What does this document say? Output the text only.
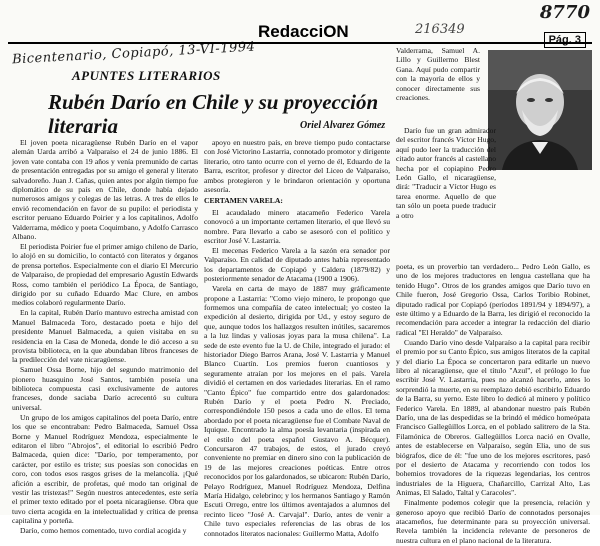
8770
216349
Bicentenario, Copiapó, 13-VI-1994
RedacciON	Pág. 3
APUNTES LITERARIOS
Rubén Darío en Chile y su proyección literaria	Oriel Alvarez Gómez

El joven poeta nicaragüense Rubén Darío en el vapor alemán Uarda arribó a Valparaíso el 24 de junio 1886. El joven vate contaba con 19 años y venía premunido de cartas de presentación entregadas por su amigo el general y literato salvadoreño. Juan J. Cañas, quien antes por algún tiempo fue diplomático de su país en Chile, donde había dejado numerosos amigos y colegas de las letras. A tres de ellos le envió recomendación en favor de su pupilo: el periodista y escritor peruano Eduardo Poirier y a los capitalinos, Adolfo Valderrama, médico y poeta Coquimbano, y Adolfo Carrasco Albano.

El periodista Poirier fue el primer amigo chileno de Darío, lo alojó en su domicilio, lo contactó con literatos y órganos de prensa porteños. Especialmente con el diario El Mercurio de Valparaíso, de propiedad del empresario Agustín Edwards Ross, como también el periódico La Época, de Santiago, dirigido por su cuñado Eduardo Mac Clure, en ambos medios colaboró regularmente Darío.

En la capital, Rubén Darío mantuvo estrecha amistad con Manuel Balmaceda Toro, destacado poeta e hijo del presidente Manuel Balmaceda, a quien visitaba en su residencia en la Casa de Moneda, donde le dió acceso a su provista biblioteca, en la que abundaban libros franceses de la predilección del vate nicaragüense.

Samuel Ossa Borne, hijo del segundo matrimonio del pionero huasquino José Santos, también poseía una biblioteca compuesta casi exclusivamente de autores franceses, donde saciaba Darío acrecentó su cultura universal.

Un grupo de los amigos capitalinos del poeta Darío, entre los que se encontraban: Pedro Balmaceda, Samuel Ossa Borne y Manuel Rodríguez Mendoza, especialmente le editaron el libro "Abrojos", el editorial lo escribió Pedro Balmaceda, quien dice: "Darío, por temperamento, por carácter, por estilo es triste; sus poesías son conocidas en coro, con todos esos rasgos grises de la melancolía. ¡Qué afición a escribir, de profetas, qué modo tan original de vestir las tristezas!" Según nuestros antecedentes, este sería el primer texto editado por el poeta nicaragüense. Obra que tuvo cierta acogida en la intelectualidad y crítica de prensa capitalina y porteña.

Darío, como hemos comentado, tuvo cordial acogida y

apoyo en nuestro país, en breve tiempo pudo contactarse con José Victorino Lastarria, connotado promotor y dirigente literario, otro tanto ocurre con el yerno de él, Eduardo de la Barra, escritor, profesor y director del Liceo de Valparaíso, ambos protegieron y le brindaron orientación y oportuna asesoría.

CERTAMEN VARELA:

El acaudalado minero atacameño Federico Varela conovocó a un importante certamen literario, el que llevó su nombre. Para llevarlo a cabo se asesoró con el político y escritor José V. Lastarria.

El mecenas Federico Varela a la sazón era senador por Valparaíso. En calidad de diputado antes había representado los departamentos de Copiapó y Caldera (1879/82) y posteriormente senador de Atacama (1900 a 1906).

Varela en carta de mayo de 1887 muy gráficamente propone a Lastarria: "Como viejo minero, le propongo que formemos una compañía de cateo intelectual; yo costeo la expedición al desierto, dirigida por Ud., y estoy seguro de que, aunque todos los hallazgos resulten inútiles, sacaremos a la luz lindas y valiosas joyas para la musa chilena". La sede de este evento fue la U. de Chile, integrado el jurado: el historiador Diego Barros Arana, José V. Lastarria y Manuel Blanco Cuartín. Los premios fueron cuantiosos y seguramente atraían por los mejores en el país. Varela dividió el certamen en dos variedades literarias. En el ramo "Canto Épico" fue compartido entre dos galardonados: Rubén Darío y el poeta Pedro N. Preciado, correspondiéndole 150 pesos a cada uno de ellos. El tema abordado por el poeta nicaragüense fue el Combate Naval de Iquique. Encontrado la alma poesía levantaria (inspirada en el estilo del poeta español Gustavo A. Bécquer). Concursaron 47 trabajos, de estos, el jurado creyó conveniente no premiar en dinero sino con la publicación de 19 de las mejores creaciones poéticas. Entre otros reconocidos por los galardonados, se ubicaron: Rubén Darío, Pelayo Rodríguez, Manuel Rodríguez Mendoza, Delfina María Hidalgo, celebrino; y los hermanos Santiago y Ramón Escuti Orrego, entre los últimos aventajados a alumnos del recinto liceo "José A. Carvajal". Darío, antes de venir a Chile tuvo especiales referencias de las obras de los connotados literatos nacionales: Guillermo Matta, Adolfo

Valderrama, Samuel A. Lillo y Guillermo Blest Gana. Aquí pudo compartir con la mayoría de ellos y conocer directamente sus creaciones.

Darío fue un gran admirador del escritor francés Víctor Hugo, aquí pudo leer la traducción del citado autor francés al castellano hecha por el copiapino Pedro León Gallo, el nicaragüense, dirá: "Traducir a Víctor Hugo es tarea enorme. Aquello de que tan sólo un poeta puede traducir a otro

poeta, es un proverbio tan verdadero... Pedro León Gallo, es uno de los mejores traductores en lengua castellana que ha tenido Hugo". Otros de los grandes amigos que Darío tuvo en Chile fueron, José Gregorio Ossa, Carlos Toribio Robinet, diputado radical por Copiapó (períodos 1891/94 y 1894/97), a este último y a Eduardo de la Barra, les dirigió el reconocido la recomendación para acceder a integrar la redacción del diario radical "El Heraldo" de Valparaíso.

Cuando Darío vino desde Valparaíso a la capital para recibir el premio por su Canto Épico, sus amigos literatos de la capital y del diario La Época se concertaron para editarle un nuevo libro al nicaragüense, que el título "Azul", el prólogo lo fue escribir José V. Lastarria, pues no alcanzó hacerlo, antes lo sorprendió la muerte, en su reemplazo debió escribirlo Eduardo de la Barra, su yerno. Este libro lo dedicó al minero y político Federico Varela. En 1889, al abandonar nuestro país Rubén Darío, una de las despedidas se la brindó el médico homeópata Francisco Gallegüillos Lorca, en el poblado salitrero de la Sta. Filamónica de Obreros. Gallegüillos Lorca nació en Ovalle, antes de establecerse en Valparaíso, según Elia, uno de sus biógrafos, dice de él: "fue uno de los mejores escritores, pasó por el desierto de Atacama y recorriendo con todos los bohemios trovadores de la riquezas legendarias, los centros industriales de la Higuera, Chañarcillo, Carrizal Alto, Las Animas, El Salado, Taltal y Caracoles".

Finalmente podemos colegir que la presencia, relación y generoso apoyo que recibió Darío de connotados personajes atacameños, fue determinante para su proyección universal. Revela también la incidencia relevante de personeros de nuestra cultura en el plano nacional de la literatura.
